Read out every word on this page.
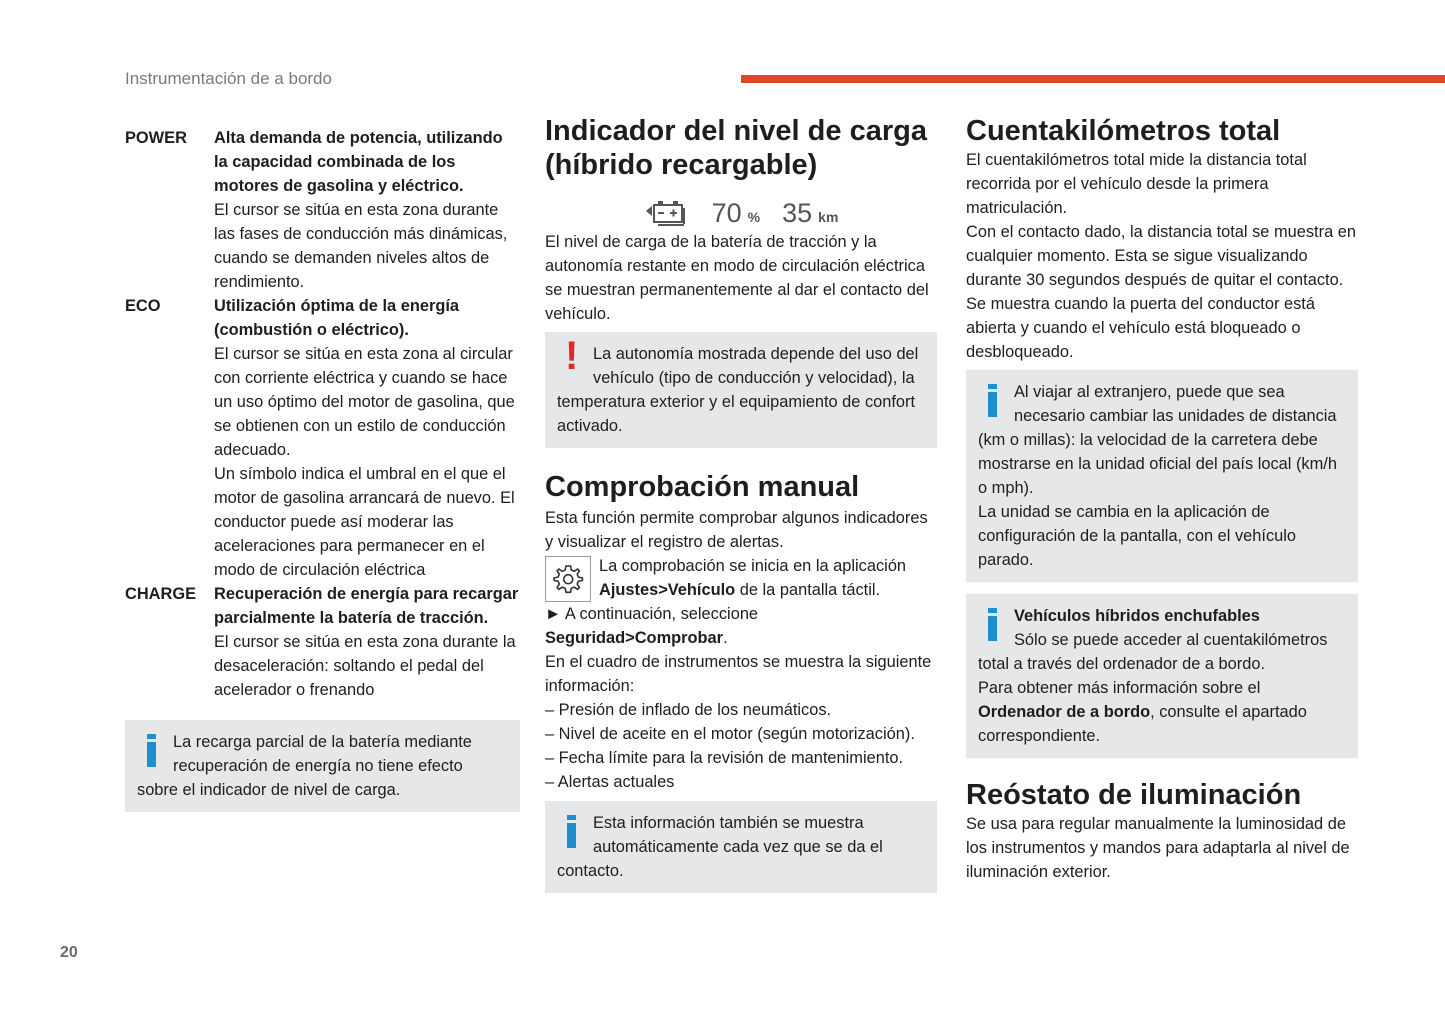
Instrumentación de a bordo
POWER	Alta demanda de potencia, utilizando la capacidad combinada de los motores de gasolina y eléctrico.

El cursor se sitúa en esta zona durante las fases de conducción más dinámicas, cuando se demanden niveles altos de rendimiento.

ECO	Utilización óptima de la energía (combustión o eléctrico).

El cursor se sitúa en esta zona al circular con corriente eléctrica y cuando se hace un uso óptimo del motor de gasolina, que se obtienen con un estilo de conducción adecuado.

Un símbolo indica el umbral en el que el motor de gasolina arrancará de nuevo. El conductor puede así moderar las aceleraciones para permanecer en el modo de circulación eléctrica

CHARGE	Recuperación de energía para recargar parcialmente la batería de tracción.

El cursor se sitúa en esta zona durante la desaceleración: soltando el pedal del acelerador o frenando

La recarga parcial de la batería mediante recuperación de energía no tiene efecto sobre el indicador de nivel de carga.

Indicador del nivel de carga (híbrido recargable)
70 % 35 km

El nivel de carga de la batería de tracción y la autonomía restante en modo de circulación eléctrica se muestran permanentemente al dar el contacto del vehículo.

! La autonomía mostrada depende del uso del vehículo (tipo de conducción y velocidad), la temperatura exterior y el equipamiento de confort activado.

Comprobación manual

Esta función permite comprobar algunos indicadores y visualizar el registro de alertas.

La comprobación se inicia en la aplicación Ajustes>Vehículo de la pantalla táctil.

► A continuación, seleccione
Seguridad>Comprobar.

En el cuadro de instrumentos se muestra la siguiente información:

– Presión de inflado de los neumáticos.
– Nivel de aceite en el motor (según motorización).
– Fecha límite para la revisión de mantenimiento.
– Alertas actuales

Esta información también se muestra automáticamente cada vez que se da el contacto.

Cuentakilómetros total

El cuentakilómetros total mide la distancia total recorrida por el vehículo desde la primera matriculación.

Con el contacto dado, la distancia total se muestra en cualquier momento. Esta se sigue visualizando durante 30 segundos después de quitar el contacto. Se muestra cuando la puerta del conductor está abierta y cuando el vehículo está bloqueado o desbloqueado.

Al viajar al extranjero, puede que sea necesario cambiar las unidades de distancia (km o millas): la velocidad de la carretera debe mostrarse en la unidad oficial del país local (km/h o mph).

La unidad se cambia en la aplicación de configuración de la pantalla, con el vehículo parado.

Vehículos híbridos enchufables

Sólo se puede acceder al cuentakilómetros total a través del ordenador de a bordo.

Para obtener más información sobre el Ordenador de a bordo, consulte el apartado correspondiente.

Reóstato de iluminación

Se usa para regular manualmente la luminosidad de los instrumentos y mandos para adaptarla al nivel de iluminación exterior.

20
